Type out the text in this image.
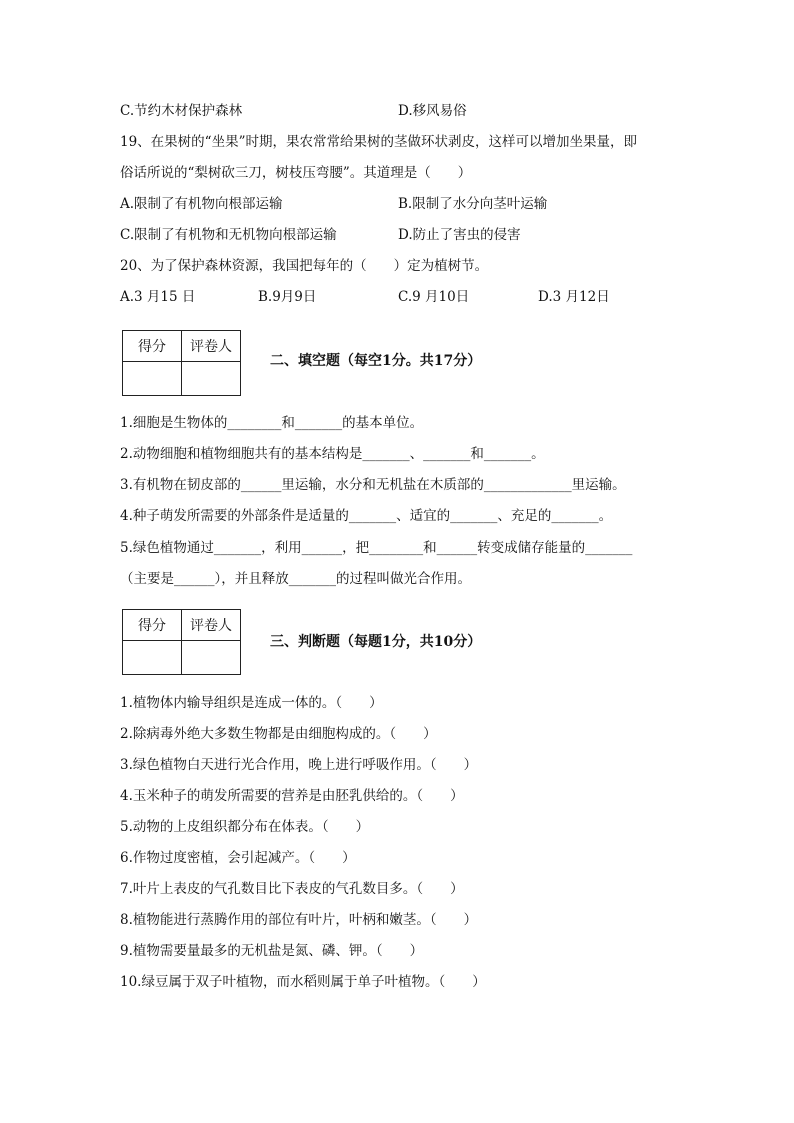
C.节约木材保护森林	D.移风易俗
19、在果树的“坐果”时期，果农常常给果树的茎做环状剥皮，这样可以增加坐果量，即
俗话所说的“梨树砍三刀，树枝压弯腰”。其道理是（　　）
A.限制了有机物向根部运输	B.限制了水分向茎叶运输
C.限制了有机物和无机物向根部运输	D.防止了害虫的侵害
20、为了保护森林资源，我国把每年的（　　）定为植树节。
A.3 月15 日	B.9月9日	C.9 月10日	D.3 月12日
得分	评卷人

二、填空题（每空1分。共17分）
1.细胞是生物体的________和_______的基本单位。
2.动物细胞和植物细胞共有的基本结构是_______、_______和_______。
3.有机物在韧皮部的______里运输，水分和无机盐在木质部的_____________里运输。
4.种子萌发所需要的外部条件是适量的_______、适宜的_______、充足的_______。
5.绿色植物通过_______，利用______，把________和______转变成储存能量的_______
（主要是______），并且释放_______的过程叫做光合作用。
得分	评卷人

三、判断题（每题1分，共10分）
1.植物体内输导组织是连成一体的。（　　）
2.除病毒外绝大多数生物都是由细胞构成的。（　　）
3.绿色植物白天进行光合作用，晚上进行呼吸作用。（　　）
4.玉米种子的萌发所需要的营养是由胚乳供给的。（　　）
5.动物的上皮组织都分布在体表。（　　）
6.作物过度密植，会引起减产。（　　）
7.叶片上表皮的气孔数目比下表皮的气孔数目多。（　　）
8.植物能进行蒸腾作用的部位有叶片，叶柄和嫩茎。（　　）
9.植物需要量最多的无机盐是氮、磷、钾。（　　）
10.绿豆属于双子叶植物，而水稻则属于单子叶植物。（　　）
